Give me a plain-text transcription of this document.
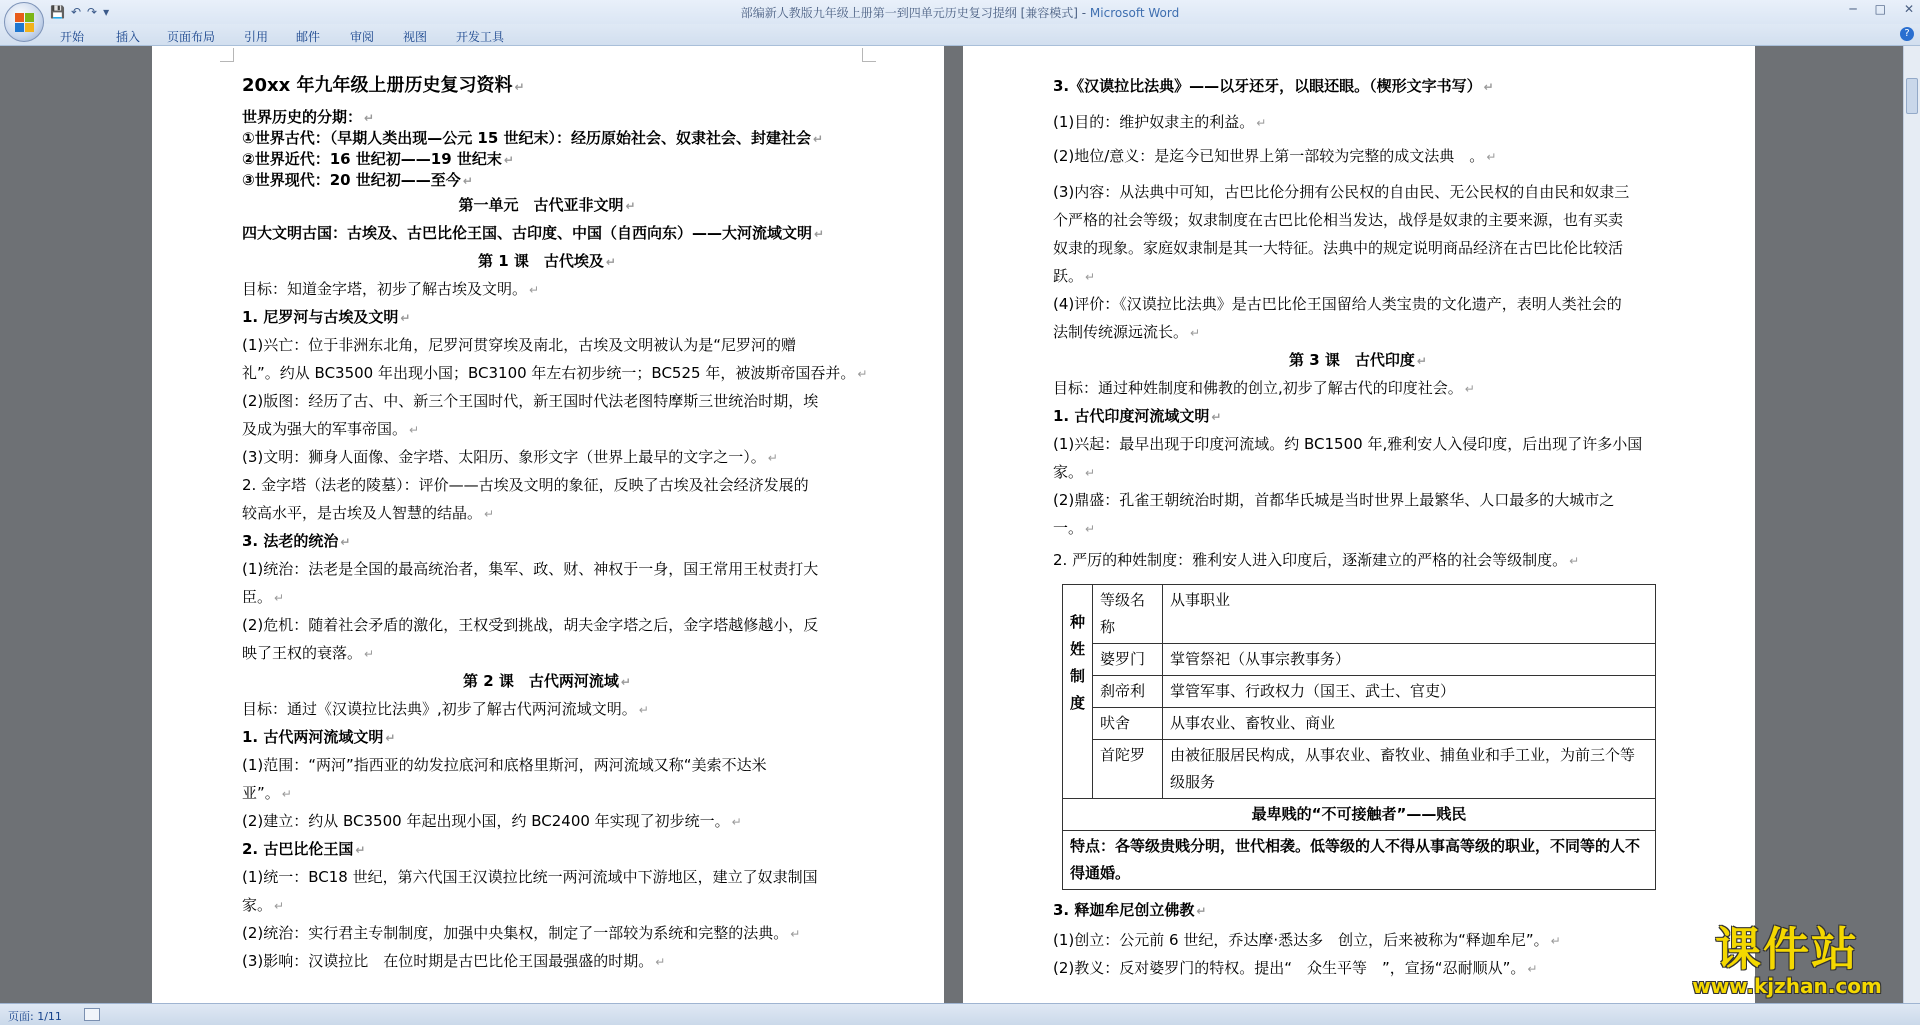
💾 ↶ ↷ ▾	部编新人教版九年级上册第一到四单元历史复习提纲 [兼容模式] - Microsoft Word	─ □ ✕
开始	插入 页面布局 引用 邮件 审阅 视图 开发工具	?
20xx 年九年级上册历史复习资料 ↵
世界历史的分期： ↵
①世界古代：（早期人类出现—公元 15 世纪末）：经历原始社会、奴隶社会、封建社会 ↵
②世界近代：16 世纪初——19 世纪末 ↵
③世界现代：20 世纪初——至今 ↵
第一单元　古代亚非文明 ↵
四大文明古国：古埃及、古巴比伦王国、古印度、中国（自西向东）——大河流域文明 ↵
第 1 课　古代埃及 ↵
目标：知道金字塔，初步了解古埃及文明。 ↵
1. 尼罗河与古埃及文明 ↵
(1)兴亡：位于非洲东北角，尼罗河贯穿埃及南北，古埃及文明被认为是“尼罗河的赠
礼”。约从 BC3500 年出现小国；BC3100 年左右初步统一；BC525 年，被波斯帝国吞并。 ↵
(2)版图：经历了古、中、新三个王国时代，新王国时代法老图特摩斯三世统治时期，埃
及成为强大的军事帝国。 ↵
(3)文明：狮身人面像、金字塔、太阳历、象形文字（世界上最早的文字之一）。 ↵
2. 金字塔（法老的陵墓）：评价——古埃及文明的象征，反映了古埃及社会经济发展的
较高水平，是古埃及人智慧的结晶。 ↵
3. 法老的统治 ↵
(1)统治：法老是全国的最高统治者，集军、政、财、神权于一身，国王常用王杖责打大
臣。 ↵
(2)危机：随着社会矛盾的激化，王权受到挑战，胡夫金字塔之后，金字塔越修越小，反
映了王权的衰落。 ↵
第 2 课　古代两河流域 ↵
目标：通过《汉谟拉比法典》,初步了解古代两河流域文明。 ↵
1. 古代两河流域文明 ↵
(1)范围：“两河”指西亚的幼发拉底河和底格里斯河，两河流域又称“美索不达米
亚”。 ↵
(2)建立：约从 BC3500 年起出现小国，约 BC2400 年实现了初步统一。 ↵
2. 古巴比伦王国 ↵
(1)统一：BC18 世纪，第六代国王汉谟拉比统一两河流域中下游地区，建立了奴隶制国
家。 ↵
(2)统治：实行君主专制制度，加强中央集权，制定了一部较为系统和完整的法典。 ↵
(3)影响：汉谟拉比　在位时期是古巴比伦王国最强盛的时期。 ↵
3.《汉谟拉比法典》——以牙还牙，以眼还眼。（楔形文字书写） ↵
(1)目的：维护奴隶主的利益。 ↵
(2)地位/意义：是迄今已知世界上第一部较为完整的成文法典　。 ↵
(3)内容：从法典中可知，古巴比伦分拥有公民权的自由民、无公民权的自由民和奴隶三
个严格的社会等级；奴隶制度在古巴比伦相当发达，战俘是奴隶的主要来源，也有买卖
奴隶的现象。家庭奴隶制是其一大特征。法典中的规定说明商品经济在古巴比伦比较活
跃。 ↵
(4)评价：《汉谟拉比法典》是古巴比伦王国留给人类宝贵的文化遗产，表明人类社会的
法制传统源远流长。 ↵
第 3 课　古代印度 ↵
目标：通过种姓制度和佛教的创立,初步了解古代的印度社会。 ↵
1. 古代印度河流域文明 ↵
(1)兴起：最早出现于印度河流域。约 BC1500 年,雅利安人入侵印度，后出现了许多小国
家。 ↵
(2)鼎盛：孔雀王朝统治时期，首都华氏城是当时世界上最繁华、人口最多的大城市之
一。 ↵
2. 严厉的种姓制度：雅利安人进入印度后，逐渐建立的严格的社会等级制度。 ↵
种
姓
制
度	等级名称	从事职业
	婆罗门	掌管祭祀（从事宗教事务）
	刹帝利	掌管军事、行政权力（国王、武士、官吏）
	吠舍	从事农业、畜牧业、商业
	首陀罗	由被征服居民构成，从事农业、畜牧业、捕鱼业和手工业，为前三个等级服务

最卑贱的“不可接触者”——贱民		
特点：各等级贵贱分明，世代相袭。低等级的人不得从事高等级的职业，不同等的人不得通婚。		
3. 释迦牟尼创立佛教 ↵
(1)创立：公元前 6 世纪，乔达摩·悉达多　创立，后来被称为“释迦牟尼”。 ↵
(2)教义：反对婆罗门的特权。提出“　众生平等　”，宣扬“忍耐顺从”。 ↵
页面: 1/11
课件站
www.kjzhan.com
